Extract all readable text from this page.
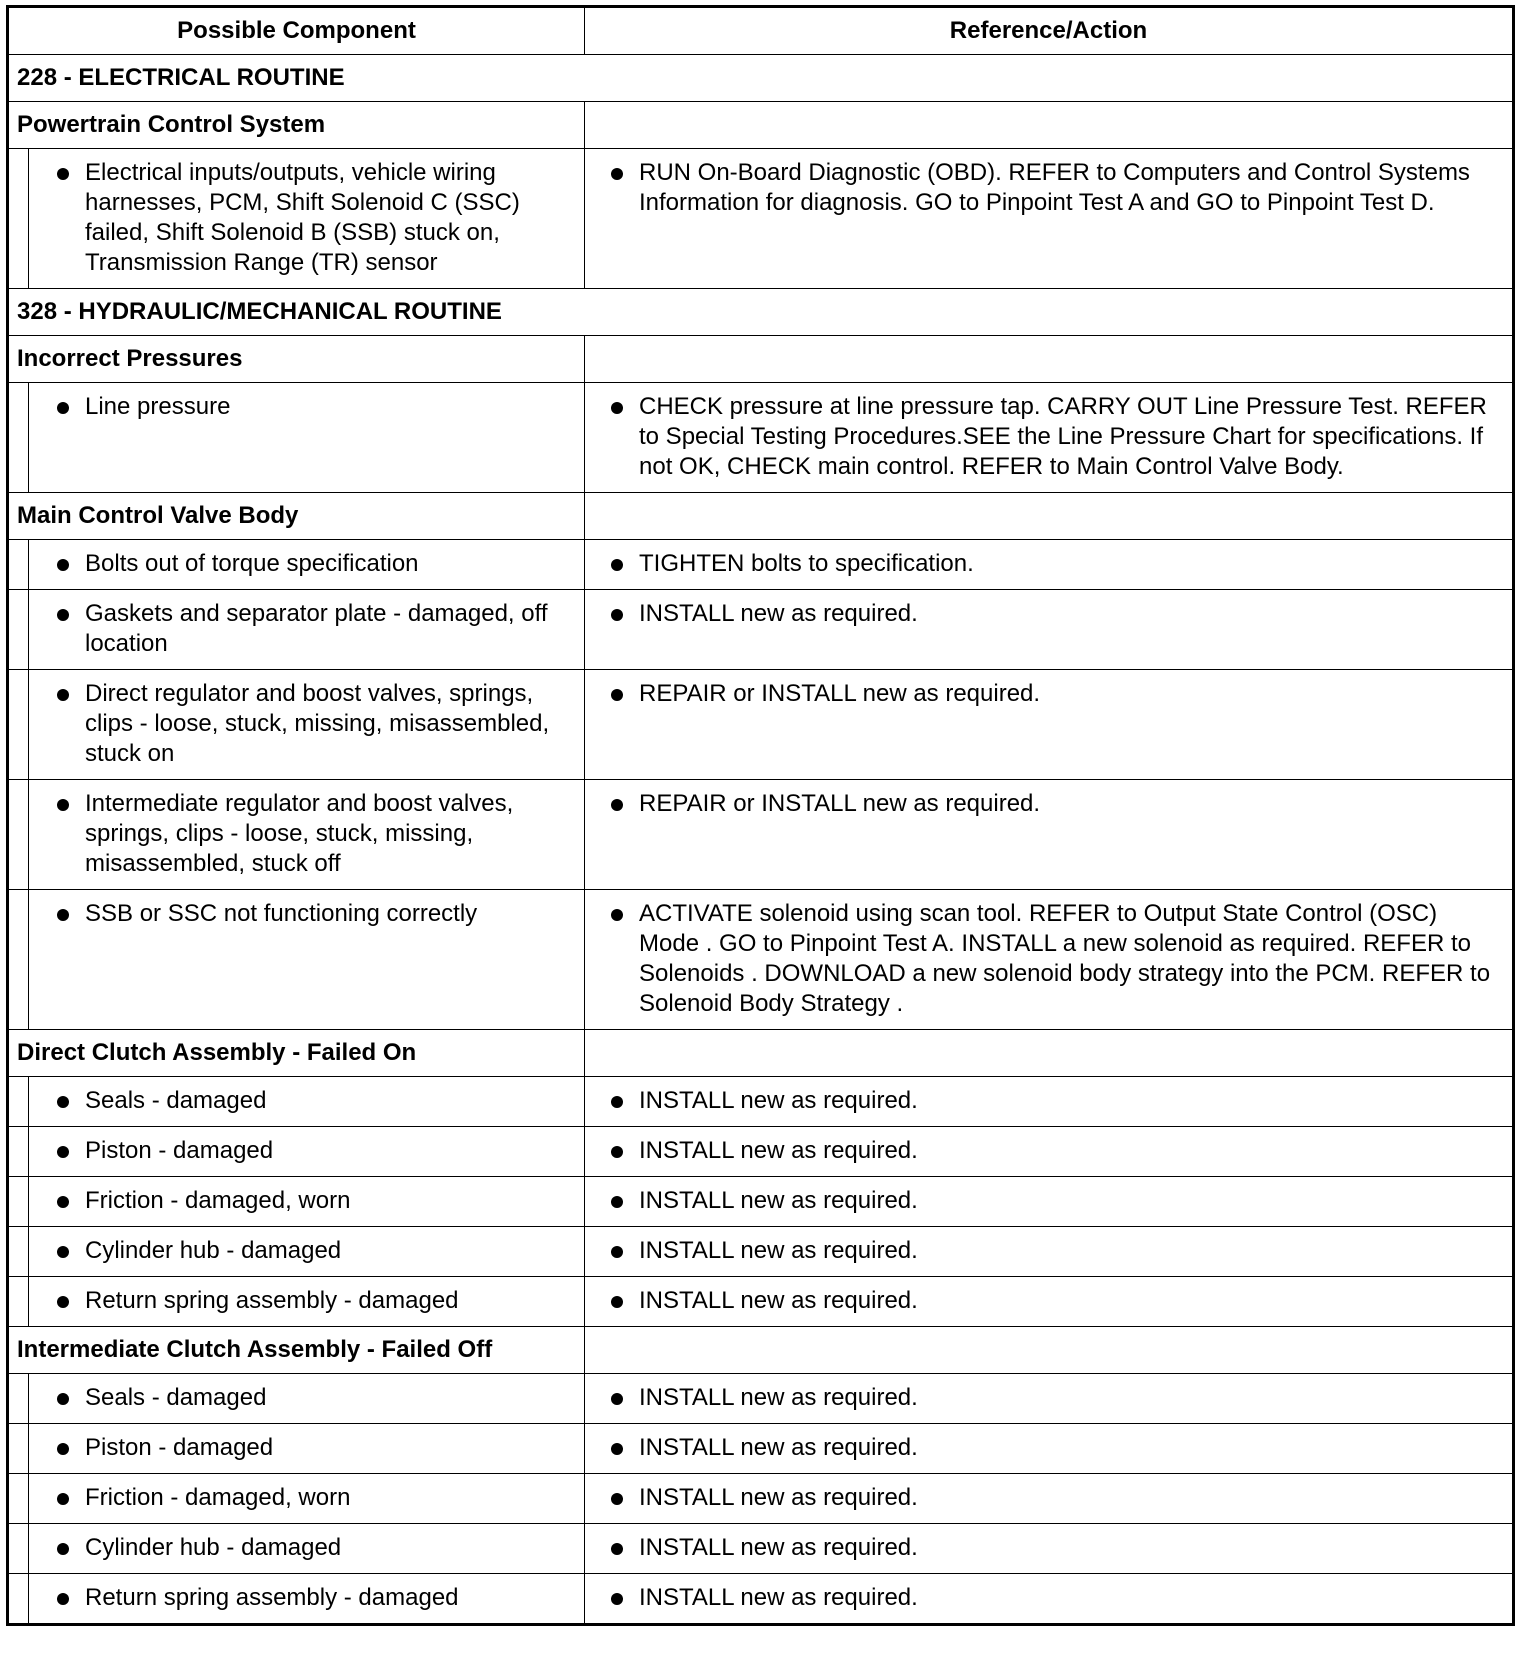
Possible Component		Reference/Action
228 - ELECTRICAL ROUTINE		
Powertrain Control System		

	Electrical inputs/outputs, vehicle wiring harnesses, PCM, Shift Solenoid C (SSC) failed, Shift Solenoid B (SSB) stuck on, Transmission Range (TR) sensor	RUN On-Board Diagnostic (OBD). REFER to Computers and Control Systems Information for diagnosis. GO to Pinpoint Test A and GO to Pinpoint Test D.

328 - HYDRAULIC/MECHANICAL ROUTINE		
Incorrect Pressures		

	Line pressure	CHECK pressure at line pressure tap. CARRY OUT Line Pressure Test. REFER to Special Testing Procedures.SEE the Line Pressure Chart for specifications. If not OK, CHECK main control. REFER to Main Control Valve Body.

Main Control Valve Body		

	Bolts out of torque specification	TIGHTEN bolts to specification.

	Gaskets and separator plate - damaged, off location	INSTALL new as required.

	Direct regulator and boost valves, springs, clips - loose, stuck, missing, misassembled, stuck on	REPAIR or INSTALL new as required.

	Intermediate regulator and boost valves, springs, clips - loose, stuck, missing, misassembled, stuck off	REPAIR or INSTALL new as required.

	SSB or SSC not functioning correctly	ACTIVATE solenoid using scan tool. REFER to Output State Control (OSC) Mode . GO to Pinpoint Test A. INSTALL a new solenoid as required. REFER to Solenoids . DOWNLOAD a new solenoid body strategy into the PCM. REFER to Solenoid Body Strategy .

Direct Clutch Assembly - Failed On		

	Seals - damaged	INSTALL new as required.

	Piston - damaged	INSTALL new as required.

	Friction - damaged, worn	INSTALL new as required.

	Cylinder hub - damaged	INSTALL new as required.

	Return spring assembly - damaged	INSTALL new as required.

Intermediate Clutch Assembly - Failed Off		

	Seals - damaged	INSTALL new as required.

	Piston - damaged	INSTALL new as required.

	Friction - damaged, worn	INSTALL new as required.

	Cylinder hub - damaged	INSTALL new as required.

	Return spring assembly - damaged	INSTALL new as required.
